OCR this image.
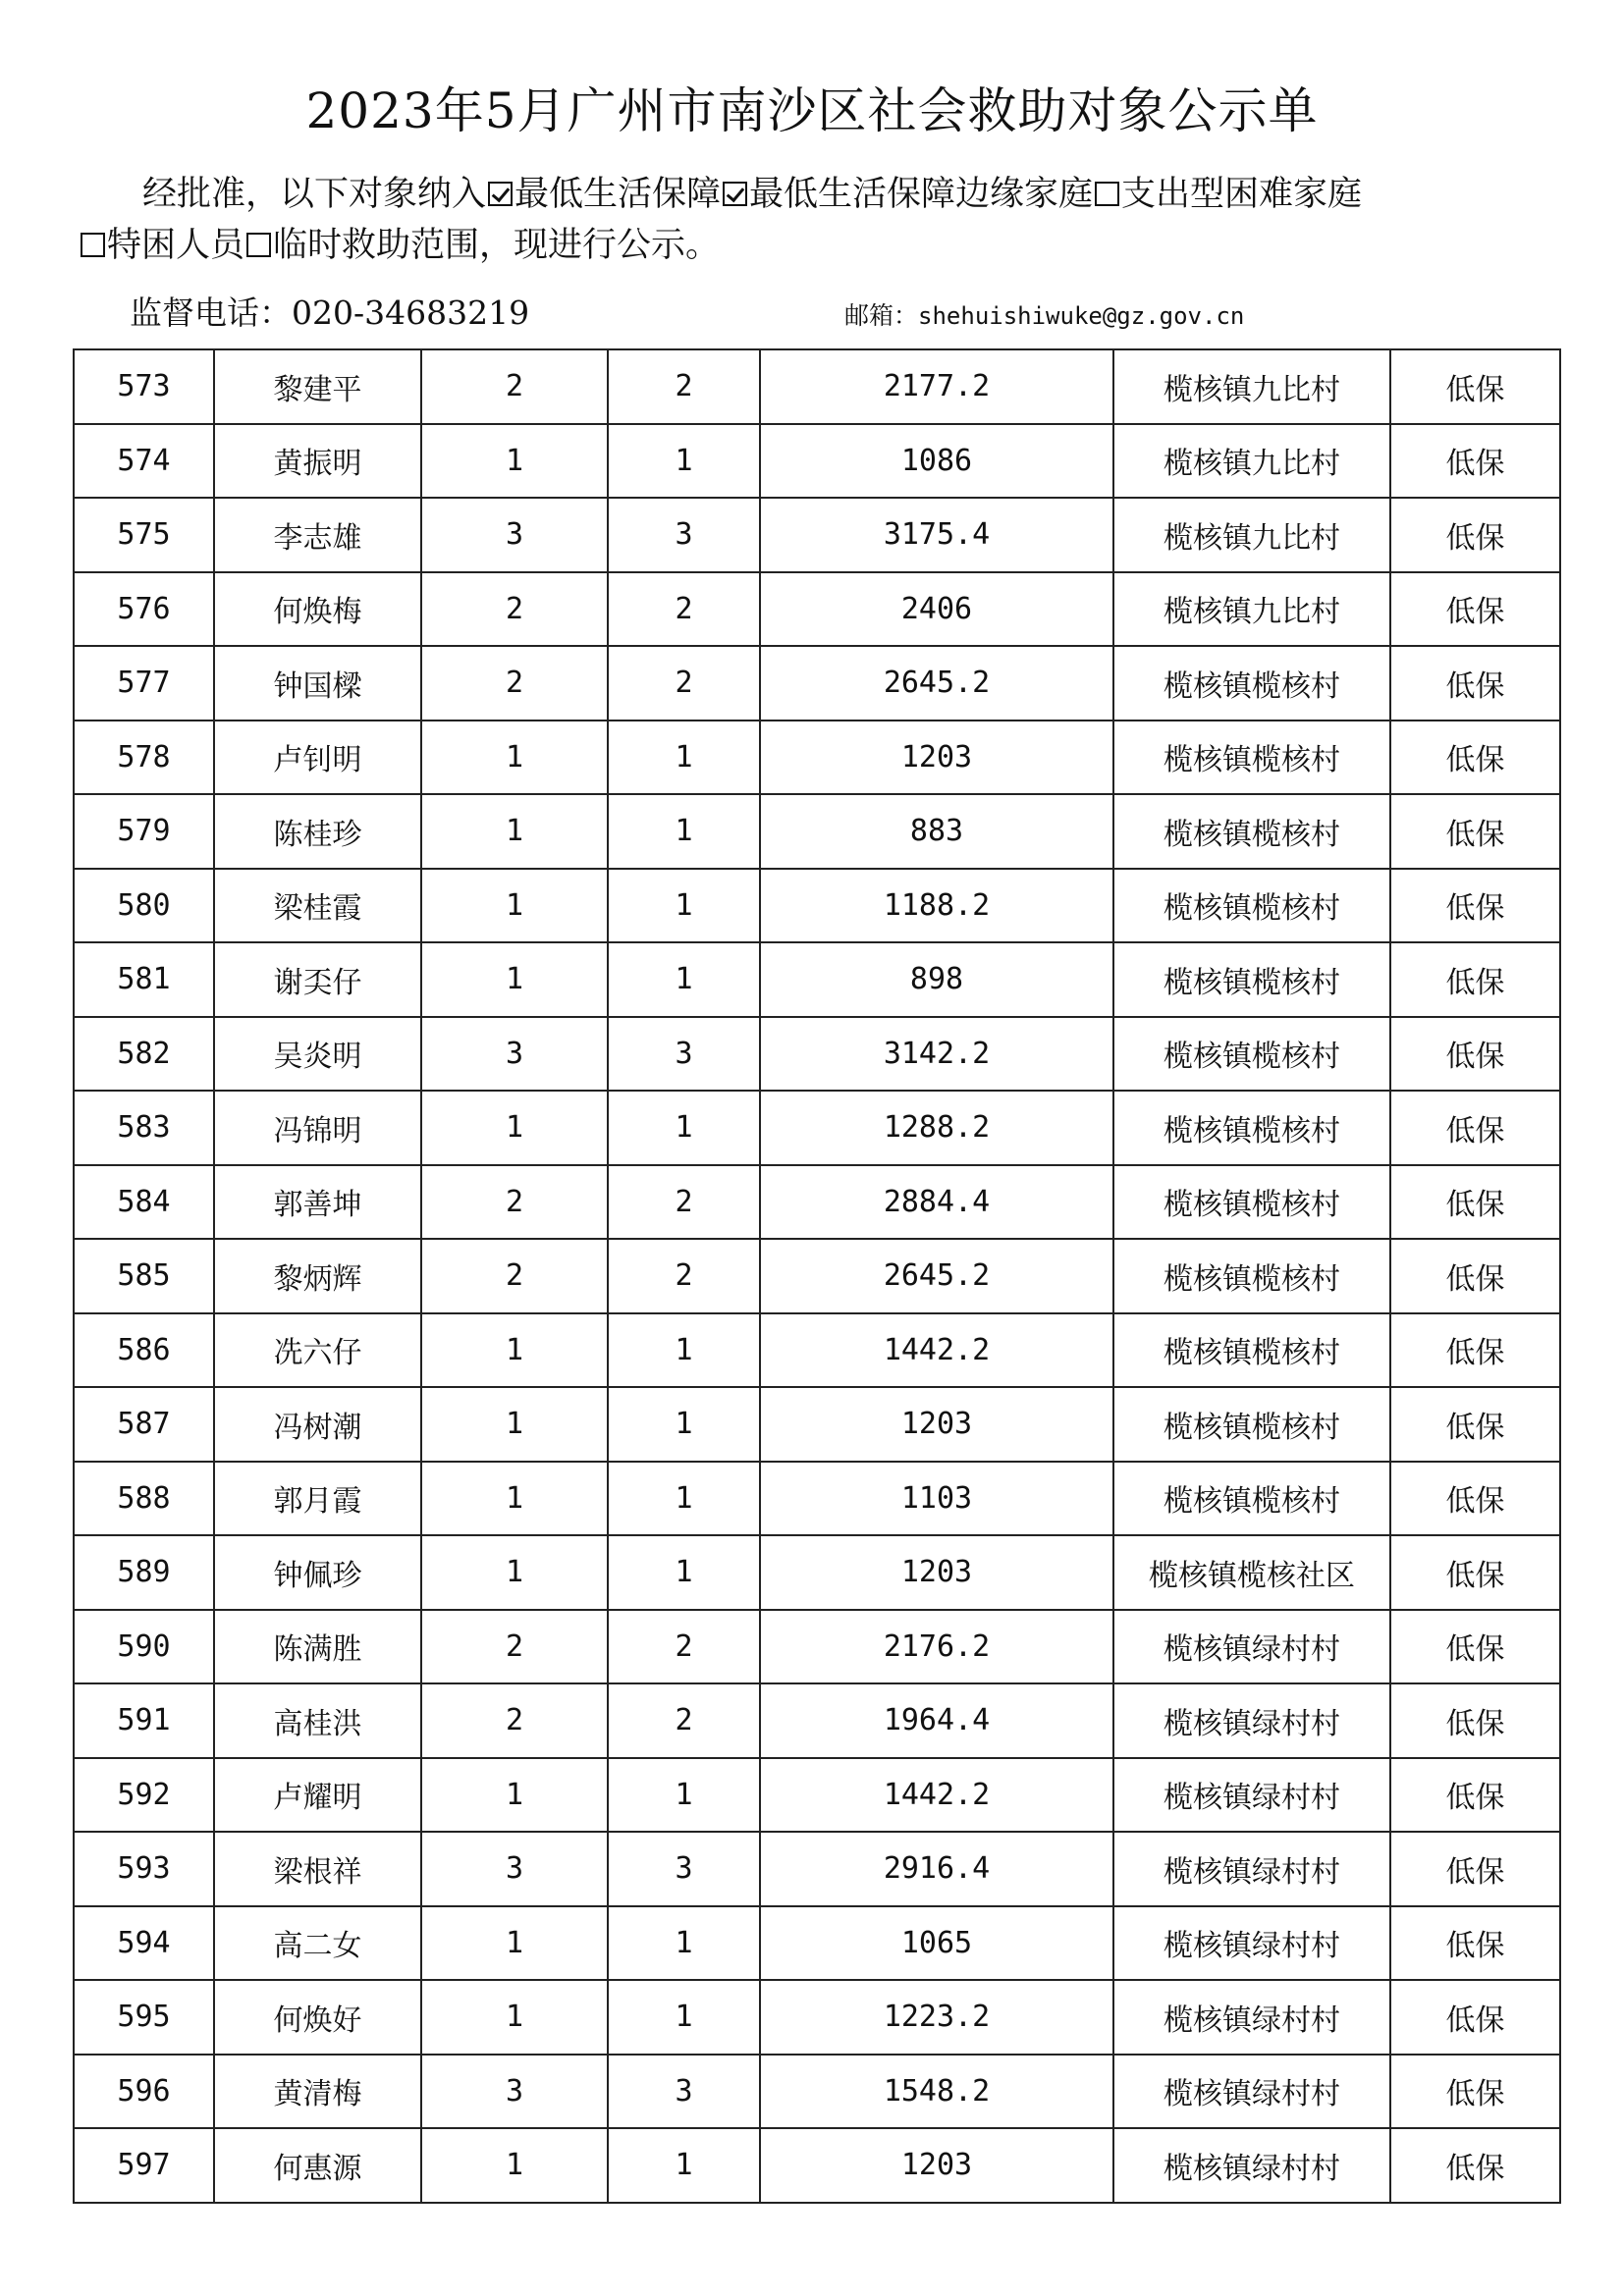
2023年5月广州市南沙区社会救助对象公示单
经批准，以下对象纳入 最低生活保障 最低生活保障边缘家庭 支出型困难家庭
特困人员 临时救助范围，现进行公示。
监督电话：020-34683219	邮箱：shehuishiwuke@gz.gov.cn
573	黎建平	2	2	2177.2	榄核镇九比村	低保
574	黄振明	1	1	1086	榄核镇九比村	低保
575	李志雄	3	3	3175.4	榄核镇九比村	低保
576	何焕梅	2	2	2406	榄核镇九比村	低保
577	钟国樑	2	2	2645.2	榄核镇榄核村	低保
578	卢钊明	1	1	1203	榄核镇榄核村	低保
579	陈桂珍	1	1	883	榄核镇榄核村	低保
580	梁桂霞	1	1	1188.2	榄核镇榄核村	低保
581	谢奀仔	1	1	898	榄核镇榄核村	低保
582	吴炎明	3	3	3142.2	榄核镇榄核村	低保
583	冯锦明	1	1	1288.2	榄核镇榄核村	低保
584	郭善坤	2	2	2884.4	榄核镇榄核村	低保
585	黎炳辉	2	2	2645.2	榄核镇榄核村	低保
586	冼六仔	1	1	1442.2	榄核镇榄核村	低保
587	冯树潮	1	1	1203	榄核镇榄核村	低保
588	郭月霞	1	1	1103	榄核镇榄核村	低保
589	钟佩珍	1	1	1203	榄核镇榄核社区	低保
590	陈满胜	2	2	2176.2	榄核镇绿村村	低保
591	高桂洪	2	2	1964.4	榄核镇绿村村	低保
592	卢耀明	1	1	1442.2	榄核镇绿村村	低保
593	梁根祥	3	3	2916.4	榄核镇绿村村	低保
594	高二女	1	1	1065	榄核镇绿村村	低保
595	何焕好	1	1	1223.2	榄核镇绿村村	低保
596	黄清梅	3	3	1548.2	榄核镇绿村村	低保
597	何惠源	1	1	1203	榄核镇绿村村	低保
